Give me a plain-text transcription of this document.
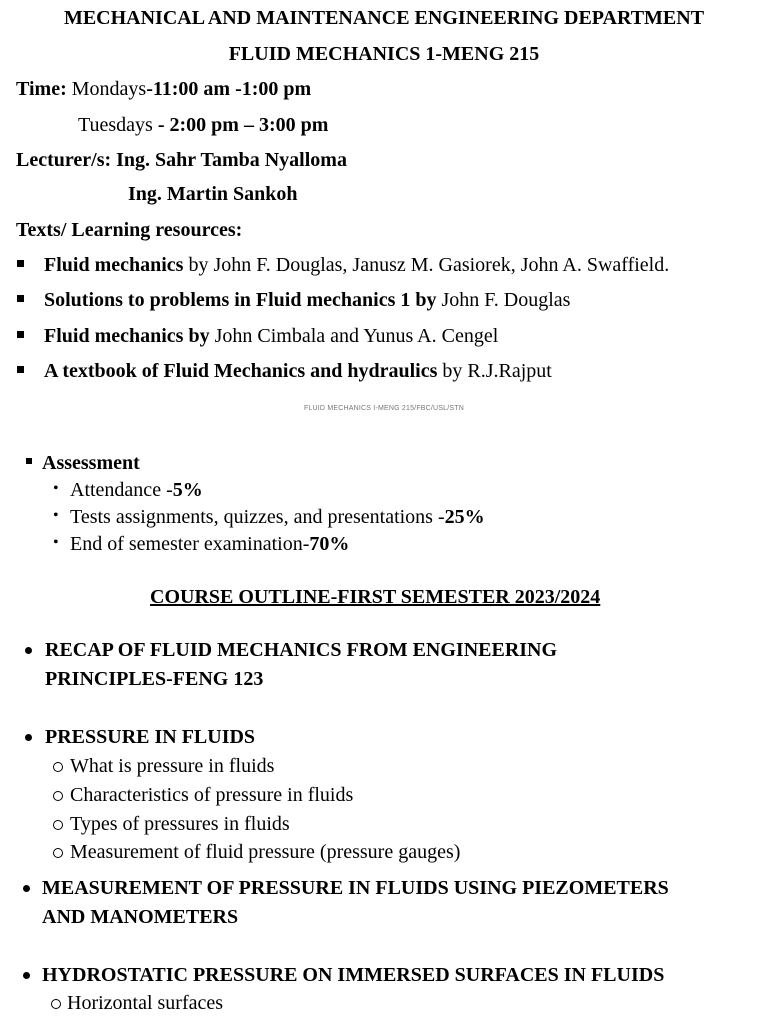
MECHANICAL AND MAINTENANCE ENGINEERING DEPARTMENT
FLUID MECHANICS 1-MENG 215
Time: Mondays-11:00 am -1:00 pm
Tuesdays - 2:00 pm – 3:00 pm
Lecturer/s: Ing. Sahr Tamba Nyalloma
Ing. Martin Sankoh
Texts/ Learning resources:
Fluid mechanics by John F. Douglas, Janusz M. Gasiorek, John A. Swaffield.
Solutions to problems in Fluid mechanics 1 by John F. Douglas
Fluid mechanics by John Cimbala and Yunus A. Cengel
A textbook of Fluid Mechanics and hydraulics by R.J.Rajput
FLUID MECHANICS I-MENG 215/FBC/USL/STN
Assessment
• Attendance -5%
• Tests assignments, quizzes, and presentations -25%
• End of semester examination-70%
COURSE OUTLINE-FIRST SEMESTER 2023/2024
RECAP OF FLUID MECHANICS FROM ENGINEERING
PRINCIPLES-FENG 123
PRESSURE IN FLUIDS
What is pressure in fluids
Characteristics of pressure in fluids
Types of pressures in fluids
Measurement of fluid pressure (pressure gauges)
MEASUREMENT OF PRESSURE IN FLUIDS USING PIEZOMETERS
AND MANOMETERS
HYDROSTATIC PRESSURE ON IMMERSED SURFACES IN FLUIDS
Horizontal surfaces
